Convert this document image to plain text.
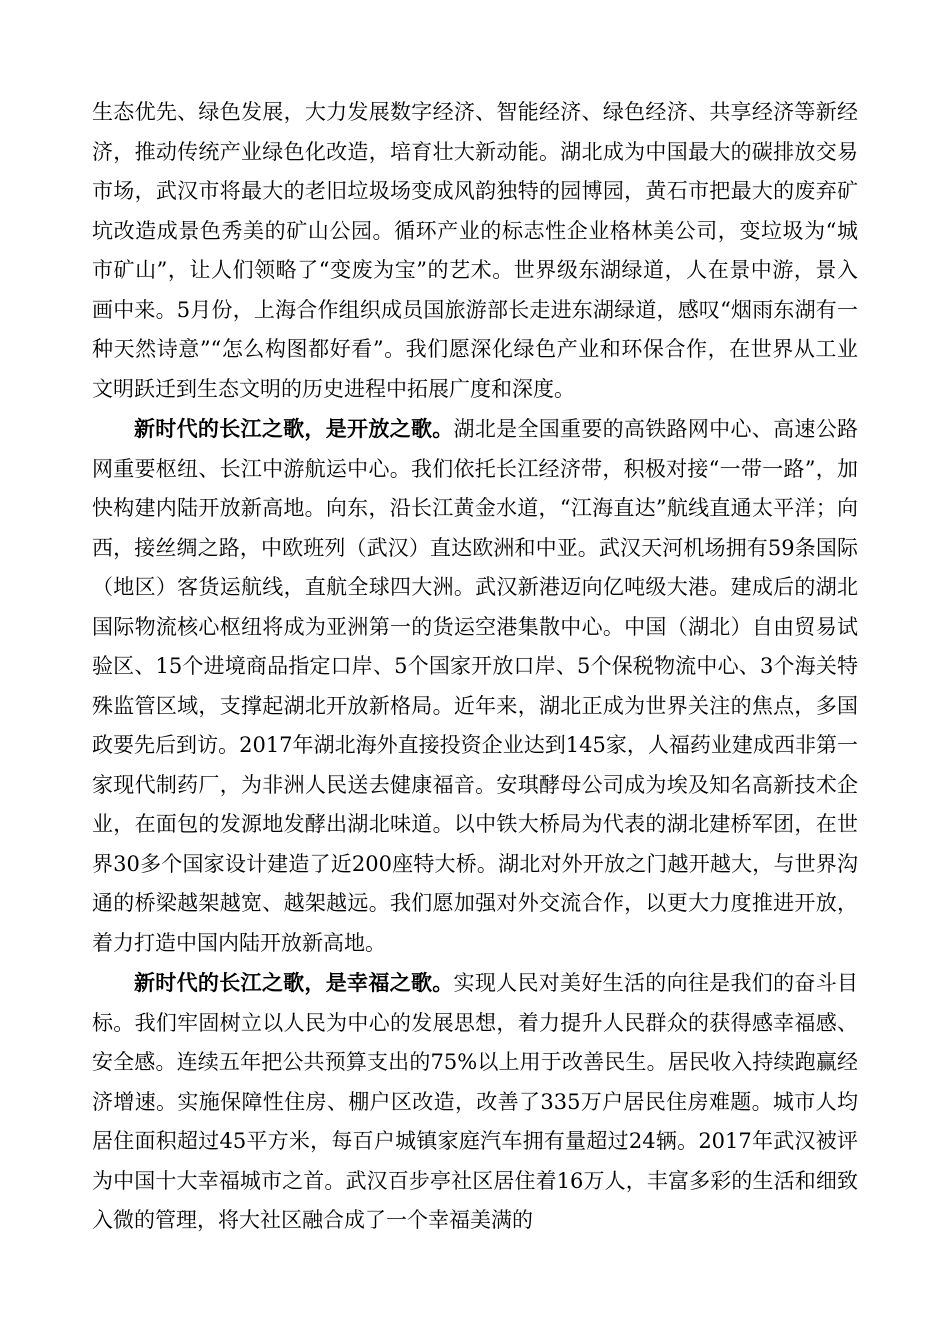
生态优先、绿色发展，大力发展数字经济、智能经济、绿色经济、共享经济等新经济，推动传统产业绿色化改造，培育壮大新动能。湖北成为中国最大的碳排放交易市场，武汉市将最大的老旧垃圾场变成风韵独特的园博园，黄石市把最大的废弃矿坑改造成景色秀美的矿山公园。循环产业的标志性企业格林美公司，变垃圾为“城市矿山”，让人们领略了“变废为宝”的艺术。世界级东湖绿道，人在景中游，景入画中来。5月份，上海合作组织成员国旅游部长走进东湖绿道，感叹“烟雨东湖有一种天然诗意”“怎么构图都好看”。我们愿深化绿色产业和环保合作，在世界从工业文明跃迁到生态文明的历史进程中拓展广度和深度。

新时代的长江之歌，是开放之歌。湖北是全国重要的高铁路网中心、高速公路网重要枢纽、长江中游航运中心。我们依托长江经济带，积极对接“一带一路”，加快构建内陆开放新高地。向东，沿长江黄金水道，“江海直达”航线直通太平洋；向西，接丝绸之路，中欧班列（武汉）直达欧洲和中亚。武汉天河机场拥有59条国际（地区）客货运航线，直航全球四大洲。武汉新港迈向亿吨级大港。建成后的湖北国际物流核心枢纽将成为亚洲第一的货运空港集散中心。中国（湖北）自由贸易试验区、15个进境商品指定口岸、5个国家开放口岸、5个保税物流中心、3个海关特殊监管区域，支撑起湖北开放新格局。近年来，湖北正成为世界关注的焦点，多国政要先后到访。2017年湖北海外直接投资企业达到145家，人福药业建成西非第一家现代制药厂，为非洲人民送去健康福音。安琪酵母公司成为埃及知名高新技术企业，在面包的发源地发酵出湖北味道。以中铁大桥局为代表的湖北建桥军团，在世界30多个国家设计建造了近200座特大桥。湖北对外开放之门越开越大，与世界沟通的桥梁越架越宽、越架越远。我们愿加强对外交流合作，以更大力度推进开放，着力打造中国内陆开放新高地。

新时代的长江之歌，是幸福之歌。实现人民对美好生活的向往是我们的奋斗目标。我们牢固树立以人民为中心的发展思想，着力提升人民群众的获得感幸福感、安全感。连续五年把公共预算支出的75%以上用于改善民生。居民收入持续跑赢经济增速。实施保障性住房、棚户区改造，改善了335万户居民住房难题。城市人均居住面积超过45平方米，每百户城镇家庭汽车拥有量超过24辆。2017年武汉被评为中国十大幸福城市之首。武汉百步亭社区居住着16万人，丰富多彩的生活和细致入微的管理，将大社区融合成了一个幸福美满的
